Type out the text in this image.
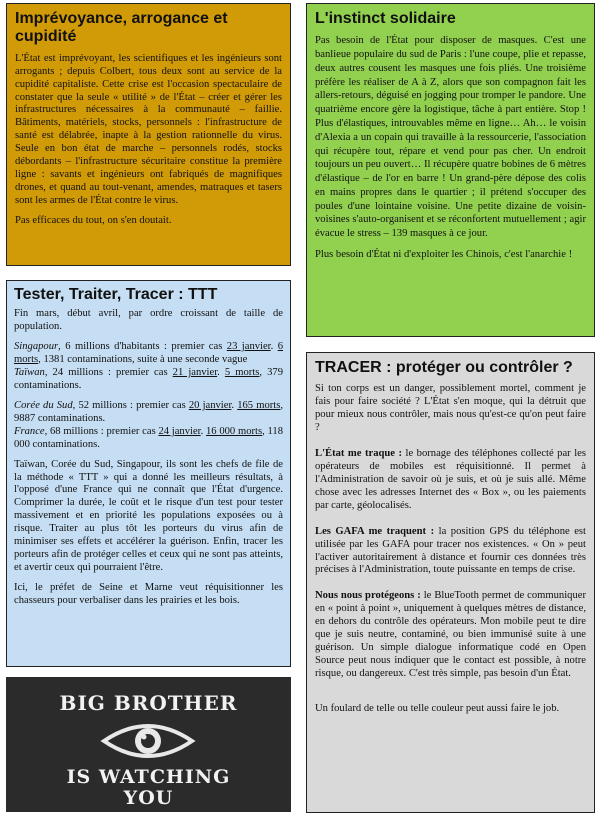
Imprévoyance, arrogance et cupidité

L'État est imprévoyant, les scientifiques et les ingénieurs sont arrogants ; depuis Colbert, tous deux sont au service de la cupidité capitaliste. Cette crise est l'occasion spectaculaire de constater que la seule « utilité » de l'État – créer et gérer les infrastructures nécessaires à la communauté – faillie. Bâtiments, matériels, stocks, personnels : l'infrastructure de santé est délabrée, inapte à la gestion rationnelle du virus. Seule en bon état de marche – personnels rodés, stocks débordants – l'infrastructure sécuritaire constitue la première ligne : savants et ingénieurs ont fabriqués de magnifiques drones, et quand au tout-venant, amendes, matraques et tasers sont les armes de l'État contre le virus.

Pas efficaces du tout, on s'en doutait.

L'instinct solidaire

Pas besoin de l'État pour disposer de masques. C'est une banlieue populaire du sud de Paris : l'une coupe, plie et repasse, deux autres cousent les masques une fois pliés. Une troisième préfère les réaliser de A à Z, alors que son compagnon fait les allers-retours, déguisé en jogging pour tromper le pandore. Une quatrième encore gère la logistique, tâche à part entière. Stop ! Plus d'élastiques, introuvables même en ligne… Ah… le voisin d'Alexia a un copain qui travaille à la ressourcerie, l'association qui récupère tout, répare et vend pour pas cher. Un endroit toujours un peu ouvert… Il récupère quatre bobines de 6 mètres d'élastique – de l'or en barre ! Un grand-père dépose des colis en mains propres dans le quartier ; il prétend s'occuper des poules d'une lointaine voisine. Une petite dizaine de voisin-voisines s'auto-organisent et se réconfortent mutuellement ; agir évacue le stress – 139 masques à ce jour.

Plus besoin d'État ni d'exploiter les Chinois, c'est l'anarchie !

Tester, Traiter, Tracer : TTT

Fin mars, début avril, par ordre croissant de taille de population.

Singapour, 6 millions d'habitants : premier cas 23 janvier. 6 morts, 1381 contaminations, suite à une seconde vague

Taïwan, 24 millions : premier cas 21 janvier. 5 morts, 379 contaminations.

Corée du Sud, 52 millions : premier cas 20 janvier. 165 morts, 9887 contaminations.

France, 68 millions : premier cas 24 janvier. 16 000 morts, 118 000 contaminations.

Taïwan, Corée du Sud, Singapour, ils sont les chefs de file de la méthode « TTT » qui a donné les meilleurs résultats, à l'opposé d'une France qui ne connaît que l'État d'urgence. Comprimer la durée, le coût et le risque d'un test pour tester massivement et en priorité les populations exposées ou à risque. Traiter au plus tôt les porteurs du virus afin de minimiser ses effets et accélérer la guérison. Enfin, tracer les porteurs afin de protéger celles et ceux qui ne sont pas atteints, et avertir ceux qui pourraient l'être.

Ici, le préfet de Seine et Marne veut réquisitionner les chasseurs pour verbaliser dans les prairies et les bois.

TRACER : protéger ou contrôler ?

Si ton corps est un danger, possiblement mortel, comment je fais pour faire société ? L'État s'en moque, qui la détruit que pour mieux nous contrôler, mais nous qu'est-ce qu'on peut faire ?

• L'État me traque : le bornage des téléphones collecté par les opérateurs de mobiles est réquisitionné. Il permet à l'Administration de savoir où je suis, et où je suis allé. Même chose avec les adresses Internet des « Box », ou les paiements par carte, géolocalisés.

• Les GAFA me traquent : la position GPS du téléphone est utilisée par les GAFA pour tracer nos existences. « On » peut l'activer autoritairement à distance et fournir ces données très précises à l'Administration, toute puissante en temps de crise.

• Nous nous protégeons : le BlueTooth permet de communiquer en « point à point », uniquement à quelques mètres de distance, en dehors du contrôle des opérateurs. Mon mobile peut te dire que je suis neutre, contaminé, ou bien immunisé suite à une guérison. Un simple dialogue informatique codé en Open Source peut nous indiquer que le contact est possible, à notre risque, ou dangereux. C'est très simple, pas besoin d'un État.

Un foulard de telle ou telle couleur peut aussi faire le job.

BIG BROTHER
IS WATCHING
YOU
